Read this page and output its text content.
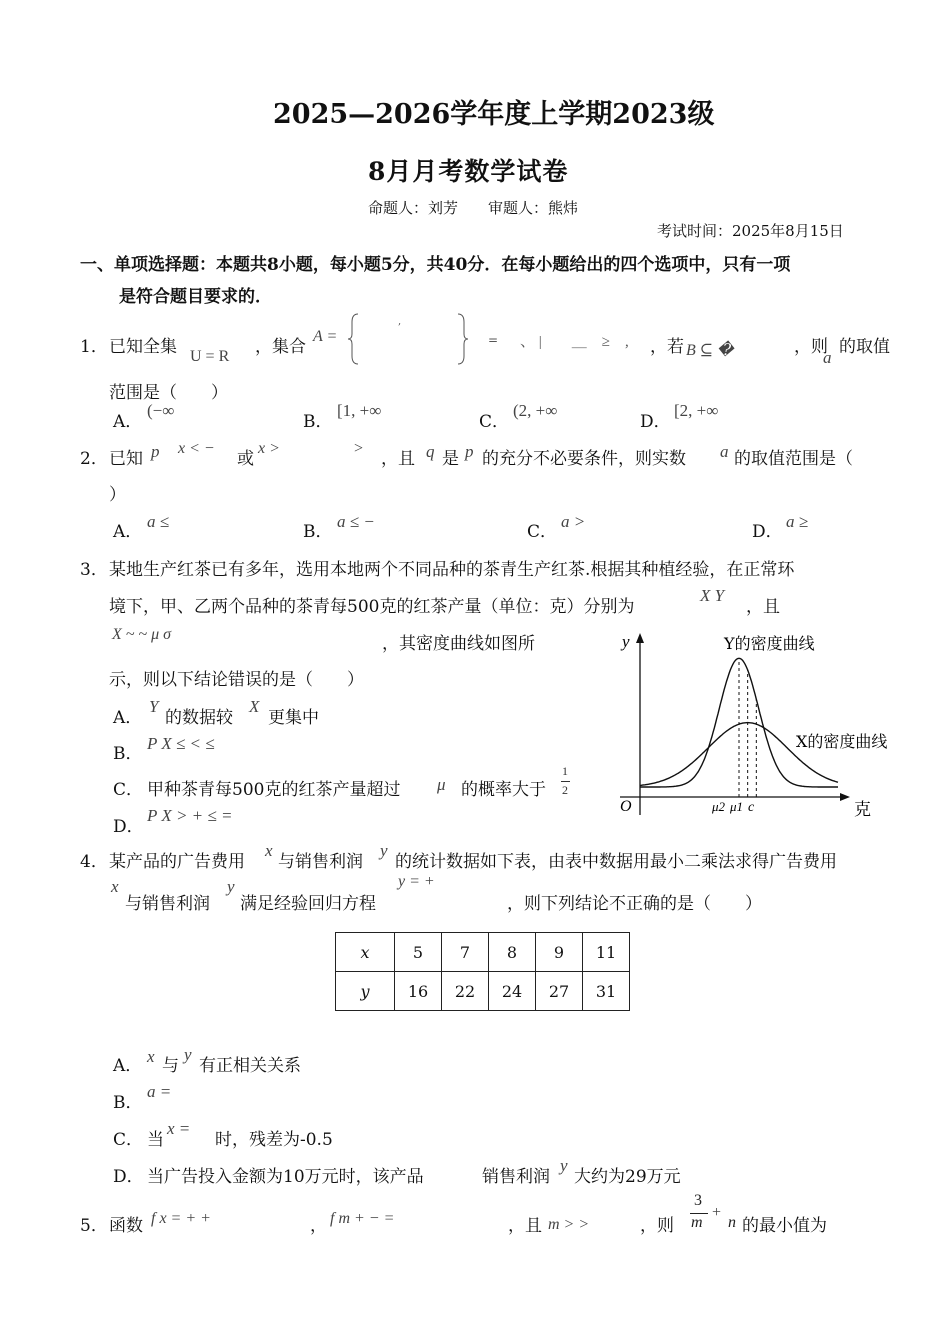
2025—2026学年度上学期2023级
8月月考数学试卷
命题人：刘芳　　审题人：熊炜
考试时间：2025年8月15日
一、单项选择题：本题共8小题，每小题5分，共40分．在每小题给出的四个选项中，只有一项
是符合题目要求的．
1． 已知全集 U = R ，集合
A =
,
= 、 |　　＿　≥　, ，若 B ⊆ �	，则
a
的取值
范围是（　　）
A．
(−∞
B．
[1, +∞
C．
(2, +∞
D．
[2, +∞
2． 已知 p x < −
或
x >	>
，且 q 是 p 的充分不必要条件，则实数 a 的取值范围是（
）
A．
a ≤
B．
a ≤ −
C．
a >
D．
a ≥
3． 某地生产红茶已有多年，选用本地两个不同品种的茶青生产红茶.根据其种植经验，在正常环
境下，甲、乙两个品种的茶青每500克的红茶产量（单位：克）分别为
X Y
，且
X ~ ~ μ σ	，其密度曲线如图所
示，则以下结论错误的是（　　）
A．
Y
的数据较
X
更集中
B．
P X ≤ < ≤
C． 甲种茶青每500克的红茶产量超过 μ 的概率大于
1
2
D．
P X > + ≤ =
y
O	克
μ2 μ1 c
Y的密度曲线
X的密度曲线
4． 某产品的广告费用
x
与销售利润
y
的统计数据如下表，由表中数据用最小二乘法求得广告费用
x
与销售利润
y
满足经验回归方程
y = +
，则下列结论不正确的是（　　）
x	5	7	8	9	11
y	16	22	24	27	31
A． x 与
y
有正相关关系
B．
a =
C． 当
x =
时，残差为-0.5
D． 当广告投入金额为10万元时，该产品	销售利润
y
大约为29万元
5． 函数 f x = + +	， f m + − =	，且 m > >	，则
3
m
+
n 的最小值为
